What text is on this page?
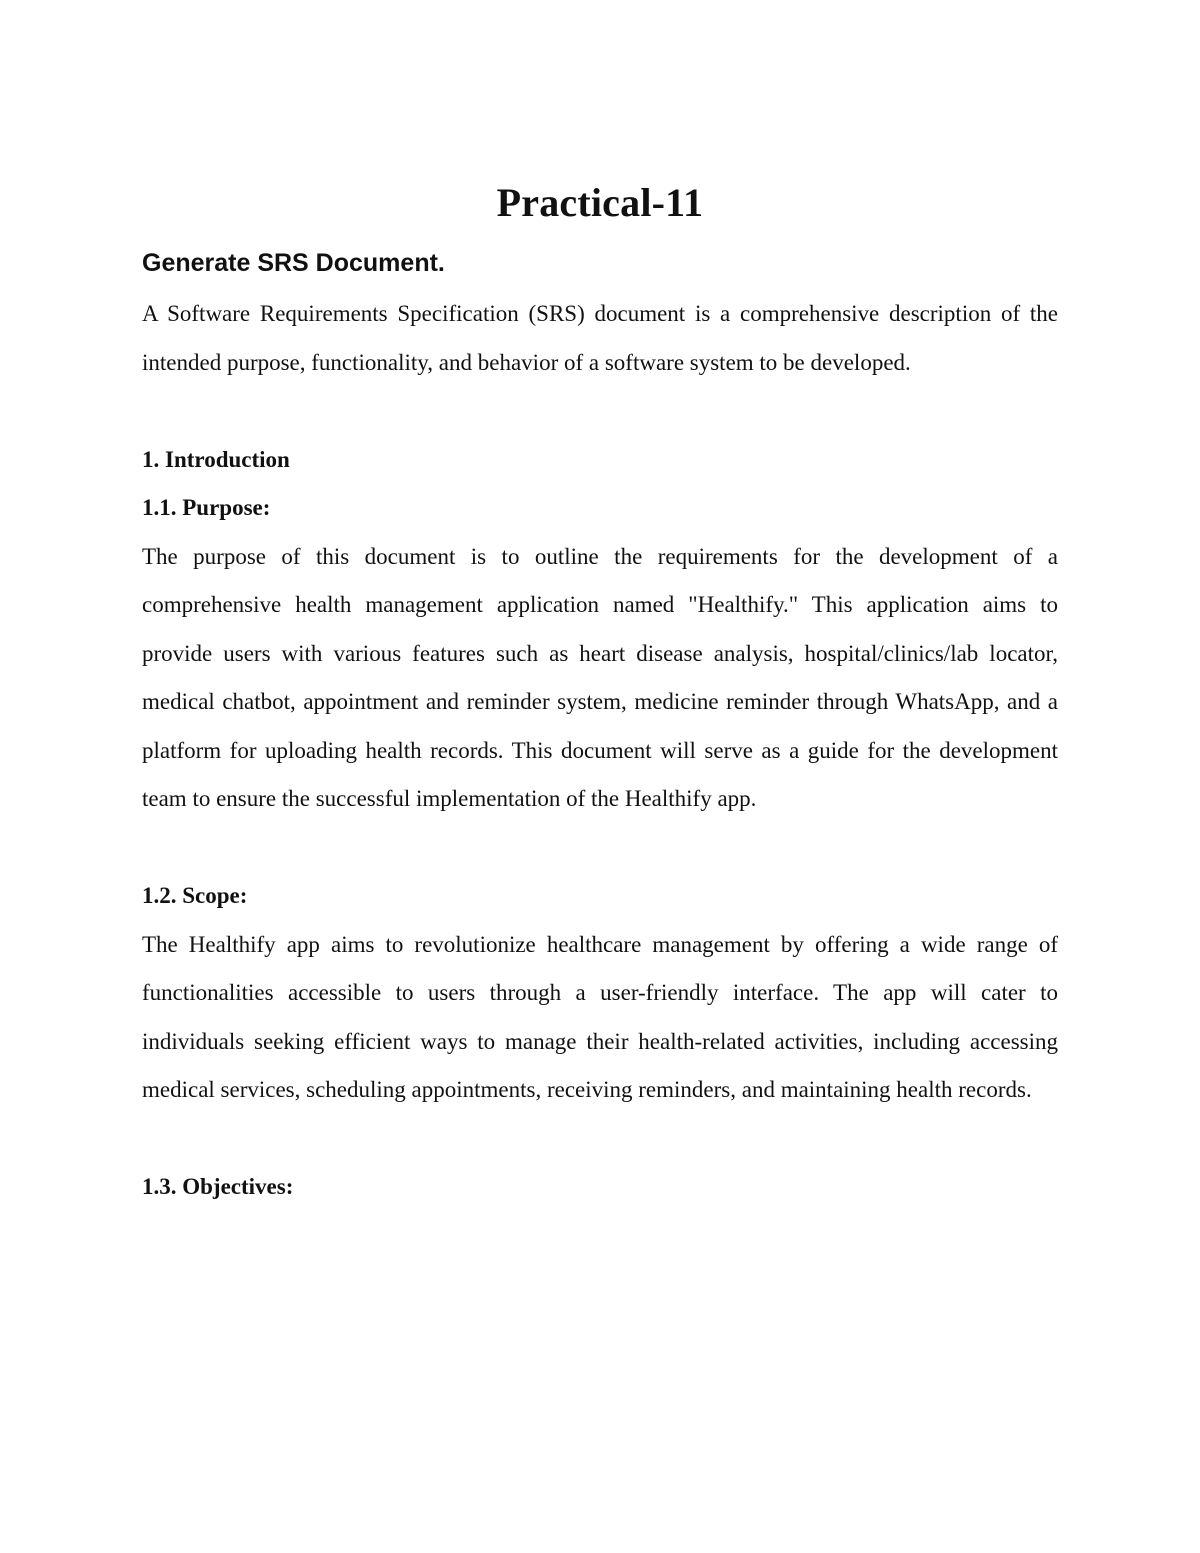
Practical-11
Generate SRS Document.

A Software Requirements Specification (SRS) document is a comprehensive description of the intended purpose, functionality, and behavior of a software system to be developed.

1. Introduction
1.1. Purpose:

The purpose of this document is to outline the requirements for the development of a comprehensive health management application named "Healthify." This application aims to provide users with various features such as heart disease analysis, hospital/clinics/lab locator, medical chatbot, appointment and reminder system, medicine reminder through WhatsApp, and a platform for uploading health records. This document will serve as a guide for the development team to ensure the successful implementation of the Healthify app.

1.2. Scope:

The Healthify app aims to revolutionize healthcare management by offering a wide range of functionalities accessible to users through a user-friendly interface. The app will cater to individuals seeking efficient ways to manage their health-related activities, including accessing medical services, scheduling appointments, receiving reminders, and maintaining health records.

1.3. Objectives:
